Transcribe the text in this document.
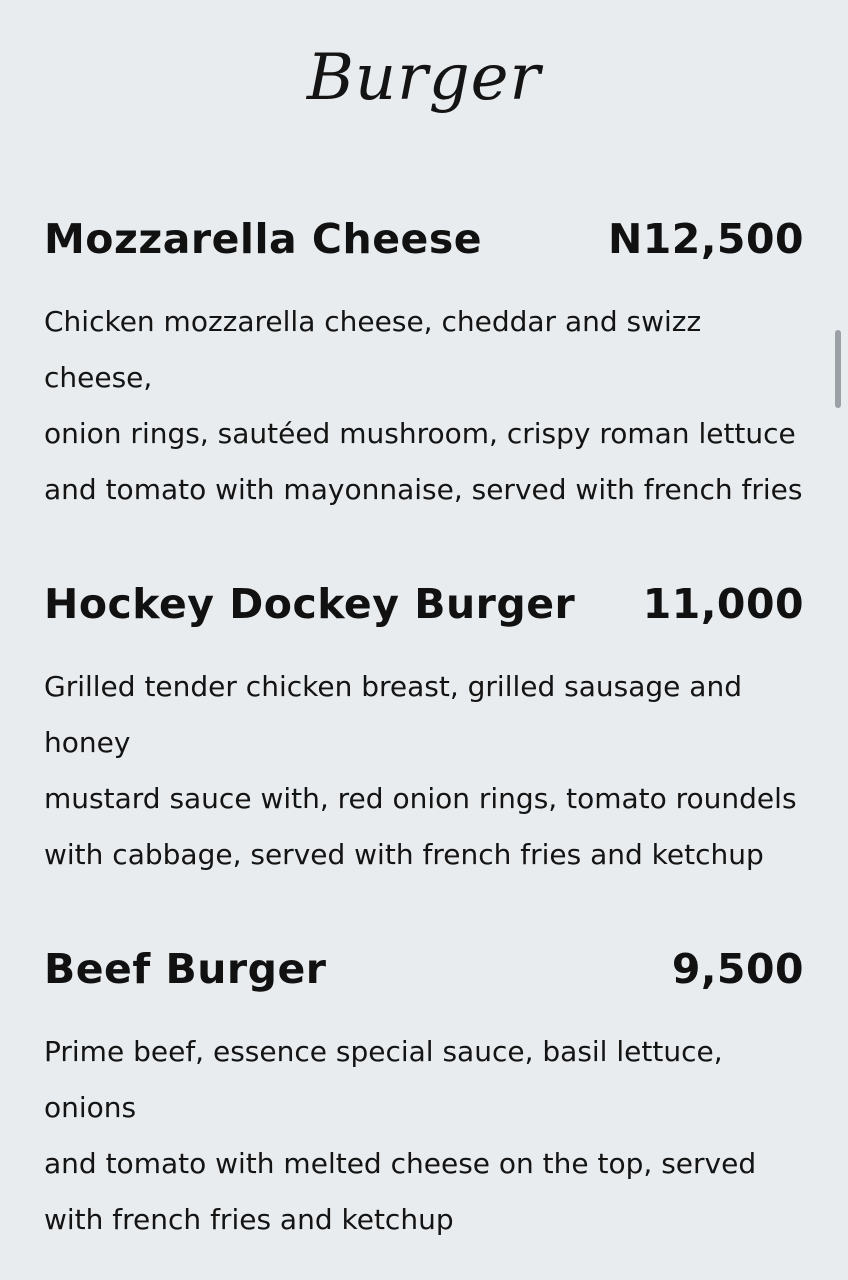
Burger
Mozzarella Cheese	N12,500
Chicken mozzarella cheese, cheddar and swizz
cheese,
onion rings, sautéed mushroom, crispy roman lettuce
and tomato with mayonnaise, served with french fries
Hockey Dockey Burger 11,000
Grilled tender chicken breast, grilled sausage and
honey
mustard sauce with, red onion rings, tomato roundels
with cabbage, served with french fries and ketchup
Beef Burger	9,500
Prime beef, essence special sauce, basil lettuce,
onions
and tomato with melted cheese on the top, served
with french fries and ketchup
